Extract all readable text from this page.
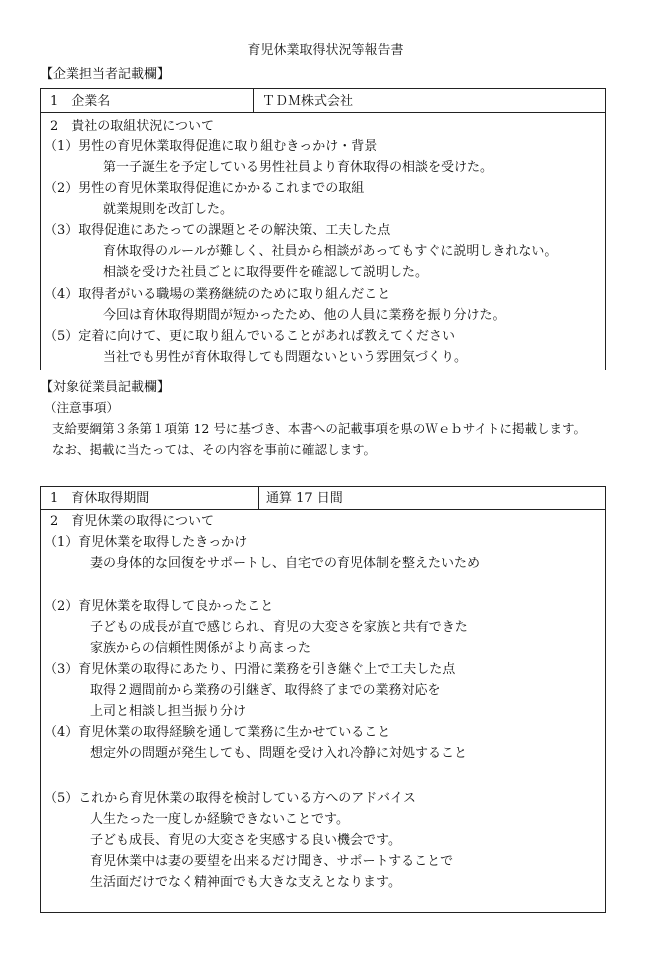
育児休業取得状況等報告書
【企業担当者記載欄】
1　企業名	ＴＤＭ株式会社
2　貴社の取組状況について
（1）男性の育児休業取得促進に取り組むきっかけ・背景
第一子誕生を予定している男性社員より育休取得の相談を受けた。
（2）男性の育児休業取得促進にかかるこれまでの取組
就業規則を改訂した。
（3）取得促進にあたっての課題とその解決策、工夫した点
育休取得のルールが難しく、社員から相談があってもすぐに説明しきれない。
相談を受けた社員ごとに取得要件を確認して説明した。
（4）取得者がいる職場の業務継続のために取り組んだこと
今回は育休取得期間が短かったため、他の人員に業務を振り分けた。
（5）定着に向けて、更に取り組んでいることがあれば教えてください
当社でも男性が育休取得しても問題ないという雰囲気づくり。
【対象従業員記載欄】
（注意事項）
支給要綱第３条第１項第 12 号に基づき、本書への記載事項を県のＷｅｂサイトに掲載します。
なお、掲載に当たっては、その内容を事前に確認します。
1　育休取得期間	通算 17 日間
2　育児休業の取得について
（1）育児休業を取得したきっかけ
妻の身体的な回復をサポートし、自宅での育児体制を整えたいため
（2）育児休業を取得して良かったこと
子どもの成長が直で感じられ、育児の大変さを家族と共有できた
家族からの信頼性関係がより高まった
（3）育児休業の取得にあたり、円滑に業務を引き継ぐ上で工夫した点
取得２週間前から業務の引継ぎ、取得終了までの業務対応を
上司と相談し担当振り分け
（4）育児休業の取得経験を通して業務に生かせていること
想定外の問題が発生しても、問題を受け入れ冷静に対処すること
（5）これから育児休業の取得を検討している方へのアドバイス
人生たった一度しか経験できないことです。
子ども成長、育児の大変さを実感する良い機会です。
育児休業中は妻の要望を出来るだけ聞き、サポートすることで
生活面だけでなく精神面でも大きな支えとなります。
